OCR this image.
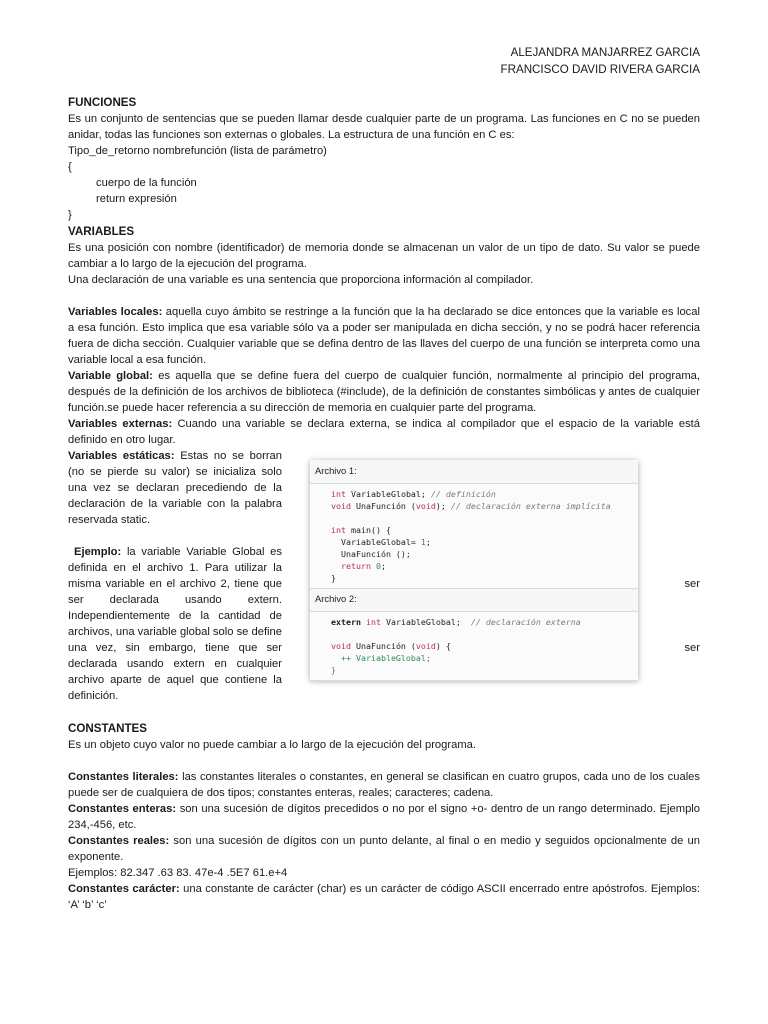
ALEJANDRA MANJARREZ GARCIA
FRANCISCO DAVID RIVERA GARCIA
FUNCIONES

Es un conjunto de sentencias que se pueden llamar desde cualquier parte de un programa. Las funciones en C no se pueden anidar, todas las funciones son externas o globales. La estructura de una función en C es:

Tipo_de_retorno nombrefunción (lista de parámetro)

{

cuerpo de la función

return expresión

}

VARIABLES

Es una posición con nombre (identificador) de memoria donde se almacenan un valor de un tipo de dato. Su valor se puede cambiar a lo largo de la ejecución del programa.

Una declaración de una variable es una sentencia que proporciona información al compilador.

Variables locales: aquella cuyo ámbito se restringe a la función que la ha declarado se dice entonces que la variable es local a esa función. Esto implica que esa variable sólo va a poder ser manipulada en dicha sección, y no se podrá hacer referencia fuera de dicha sección. Cualquier variable que se defina dentro de las llaves del cuerpo de una función se interpreta como una variable local a esa función.

Variable global: es aquella que se define fuera del cuerpo de cualquier función, normalmente al principio del programa, después de la definición de los archivos de biblioteca (#include), de la definición de constantes simbólicas y antes de cualquier función.se puede hacer referencia a su dirección de memoria en cualquier parte del programa.

Variables externas: Cuando una variable se declara externa, se indica al compilador que el espacio de la variable está definido en otro lugar.

Variables estáticas: Estas no se borran (no se pierde su valor) se inicializa solo una vez se declaran precediendo de la declaración de la variable con la palabra reservada static.

Ejemplo: la variable Variable Global es definida en el archivo 1. Para utilizar la misma variable en el archivo 2, tiene que ser declarada usando extern. Independientemente de la cantidad de archivos, una variable global solo se define una vez, sin embargo, tiene que ser declarada usando extern en cualquier archivo aparte de aquel que contiene la definición.

Archivo 1:
int VariableGlobal; // definición
void UnaFunción (void); // declaración externa implícita

int main() {
VariableGlobal= 1;
UnaFunción ();
return 0;
}
Archivo 2:
extern int VariableGlobal;  // declaración externa

void UnaFunción (void) {
++ VariableGlobal;
}
ser
ser
CONSTANTES

Es un objeto cuyo valor no puede cambiar a lo largo de la ejecución del programa.

Constantes literales: las constantes literales o constantes, en general se clasifican en cuatro grupos, cada uno de los cuales puede ser de cualquiera de dos tipos; constantes enteras, reales; caracteres; cadena.

Constantes enteras: son una sucesión de dígitos precedidos o no por el signo +o- dentro de un rango determinado. Ejemplo 234,-456, etc.

Constantes reales: son una sucesión de dígitos con un punto delante, al final o en medio y seguidos opcionalmente de un exponente.

Ejemplos: 82.347 .63 83. 47e-4 .5E7 61.e+4

Constantes carácter: una constante de carácter (char) es un carácter de código ASCII encerrado entre apóstrofos. Ejemplos: ‘A’ ‘b’ ‘c’
